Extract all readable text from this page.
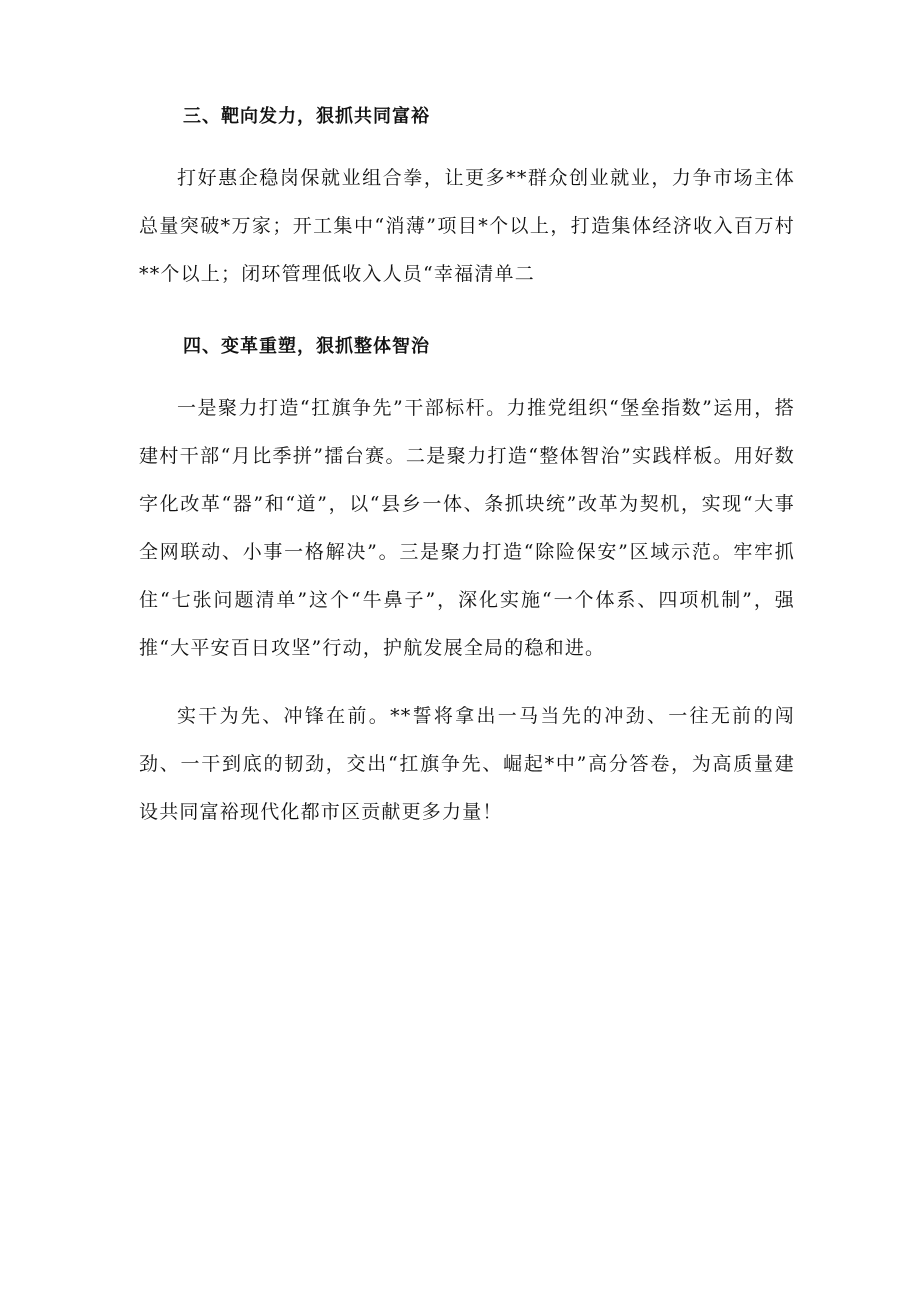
三、靶向发力，狠抓共同富裕

打好惠企稳岗保就业组合拳，让更多**群众创业就业，力争市场主体总量突破*万家；开工集中“消薄”项目*个以上，打造集体经济收入百万村**个以上；闭环管理低收入人员“幸福清单二

四、变革重塑，狠抓整体智治

一是聚力打造“扛旗争先”干部标杆。力推党组织“堡垒指数”运用，搭建村干部“月比季拼”擂台赛。二是聚力打造“整体智治”实践样板。用好数字化改革“器”和“道”，以“县乡一体、条抓块统”改革为契机，实现“大事全网联动、小事一格解决”。三是聚力打造“除险保安”区域示范。牢牢抓住“七张问题清单”这个“牛鼻子”，深化实施“一个体系、四项机制”，强推“大平安百日攻坚”行动，护航发展全局的稳和进。

实干为先、冲锋在前。**誓将拿出一马当先的冲劲、一往无前的闯劲、一干到底的韧劲，交出“扛旗争先、崛起*中”高分答卷，为高质量建设共同富裕现代化都市区贡献更多力量！
